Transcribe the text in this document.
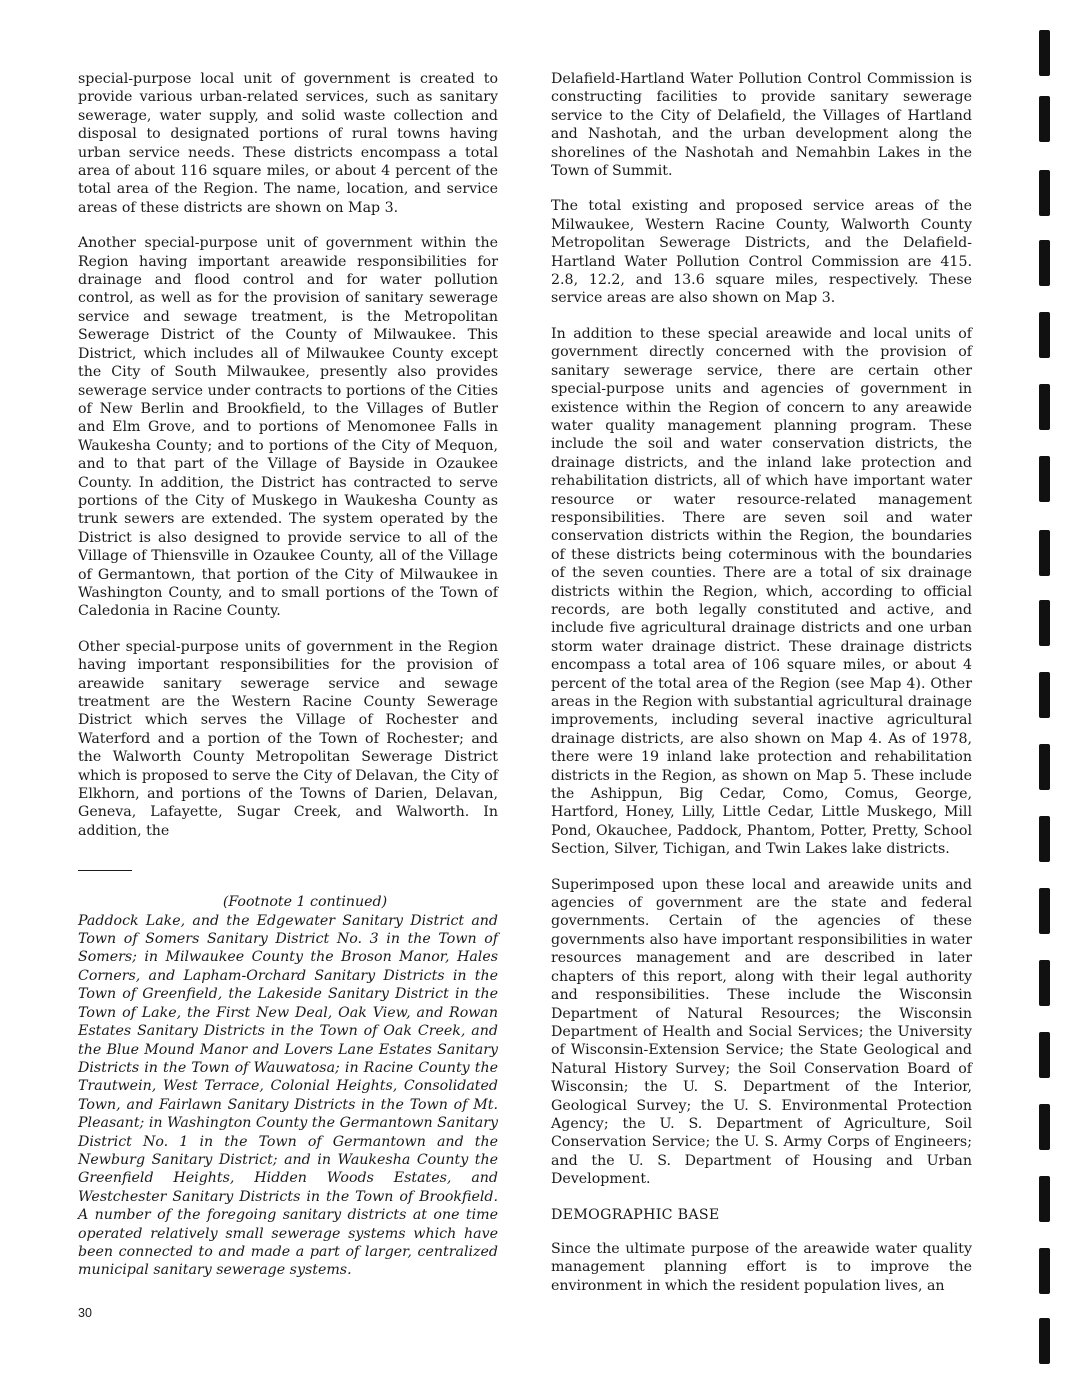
special-purpose local unit of government is created to provide various urban-related services, such as sanitary sewerage, water supply, and solid waste collection and disposal to designated portions of rural towns having urban service needs. These districts encompass a total area of about 116 square miles, or about 4 percent of the total area of the Region. The name, location, and service areas of these districts are shown on Map 3.

Another special-purpose unit of government within the Region having important areawide responsibilities for drainage and flood control and for water pollution control, as well as for the provision of sanitary sewerage service and sewage treatment, is the Metropolitan Sewerage District of the County of Milwaukee. This District, which includes all of Milwaukee County except the City of South Milwaukee, presently also provides sewerage service under contracts to portions of the Cities of New Berlin and Brookfield, to the Villages of Butler and Elm Grove, and to portions of Menomonee Falls in Waukesha County; and to portions of the City of Mequon, and to that part of the Village of Bayside in Ozaukee County. In addition, the District has contracted to serve portions of the City of Muskego in Waukesha County as trunk sewers are extended. The system operated by the District is also designed to provide service to all of the Village of Thiensville in Ozaukee County, all of the Village of Germantown, that portion of the City of Milwaukee in Washington County, and to small portions of the Town of Caledonia in Racine County.

Other special-purpose units of government in the Region having important responsibilities for the provision of areawide sanitary sewerage service and sewage treatment are the Western Racine County Sewerage District which serves the Village of Rochester and Waterford and a portion of the Town of Rochester; and the Walworth County Metropolitan Sewerage District which is proposed to serve the City of Delavan, the City of Elkhorn, and portions of the Towns of Darien, Delavan, Geneva, Lafayette, Sugar Creek, and Walworth. In addition, the

(Footnote 1 continued)

Paddock Lake, and the Edgewater Sanitary District and Town of Somers Sanitary District No. 3 in the Town of Somers; in Milwaukee County the Broson Manor, Hales Corners, and Lapham-Orchard Sanitary Districts in the Town of Greenfield, the Lakeside Sanitary District in the Town of Lake, the First New Deal, Oak View, and Rowan Estates Sanitary Districts in the Town of Oak Creek, and the Blue Mound Manor and Lovers Lane Estates Sanitary Districts in the Town of Wauwatosa; in Racine County the Trautwein, West Terrace, Colonial Heights, Consolidated Town, and Fairlawn Sanitary Districts in the Town of Mt. Pleasant; in Washington County the Germantown Sanitary District No. 1 in the Town of Germantown and the Newburg Sanitary District; and in Waukesha County the Greenfield Heights, Hidden Woods Estates, and Westchester Sanitary Districts in the Town of Brookfield. A number of the foregoing sanitary districts at one time operated relatively small sewerage systems which have been connected to and made a part of larger, centralized municipal sanitary sewerage systems.

Delafield-Hartland Water Pollution Control Commission is constructing facilities to provide sanitary sewerage service to the City of Delafield, the Villages of Hartland and Nashotah, and the urban development along the shorelines of the Nashotah and Nemahbin Lakes in the Town of Summit.

The total existing and proposed service areas of the Milwaukee, Western Racine County, Walworth County Metropolitan Sewerage Districts, and the Delafield-Hartland Water Pollution Control Commission are 415. 2.8, 12.2, and 13.6 square miles, respectively. These service areas are also shown on Map 3.

In addition to these special areawide and local units of government directly concerned with the provision of sanitary sewerage service, there are certain other special-purpose units and agencies of government in existence within the Region of concern to any areawide water quality management planning program. These include the soil and water conservation districts, the drainage districts, and the inland lake protection and rehabilitation districts, all of which have important water resource or water resource-related management responsibilities. There are seven soil and water conservation districts within the Region, the boundaries of these districts being coterminous with the boundaries of the seven counties. There are a total of six drainage districts within the Region, which, according to official records, are both legally constituted and active, and include five agricultural drainage districts and one urban storm water drainage district. These drainage districts encompass a total area of 106 square miles, or about 4 percent of the total area of the Region (see Map 4). Other areas in the Region with substantial agricultural drainage improvements, including several inactive agricultural drainage districts, are also shown on Map 4. As of 1978, there were 19 inland lake protection and rehabilitation districts in the Region, as shown on Map 5. These include the Ashippun, Big Cedar, Como, Comus, George, Hartford, Honey, Lilly, Little Cedar, Little Muskego, Mill Pond, Okauchee, Paddock, Phantom, Potter, Pretty, School Section, Silver, Tichigan, and Twin Lakes lake districts.

Superimposed upon these local and areawide units and agencies of government are the state and federal governments. Certain of the agencies of these governments also have important responsibilities in water resources management and are described in later chapters of this report, along with their legal authority and responsibilities. These include the Wisconsin Department of Natural Resources; the Wisconsin Department of Health and Social Services; the University of Wisconsin-Extension Service; the State Geological and Natural History Survey; the Soil Conservation Board of Wisconsin; the U. S. Department of the Interior, Geological Survey; the U. S. Environmental Protection Agency; the U. S. Department of Agriculture, Soil Conservation Service; the U. S. Army Corps of Engineers; and the U. S. Department of Housing and Urban Development.

DEMOGRAPHIC BASE

Since the ultimate purpose of the areawide water quality management planning effort is to improve the environment in which the resident population lives, an

30
